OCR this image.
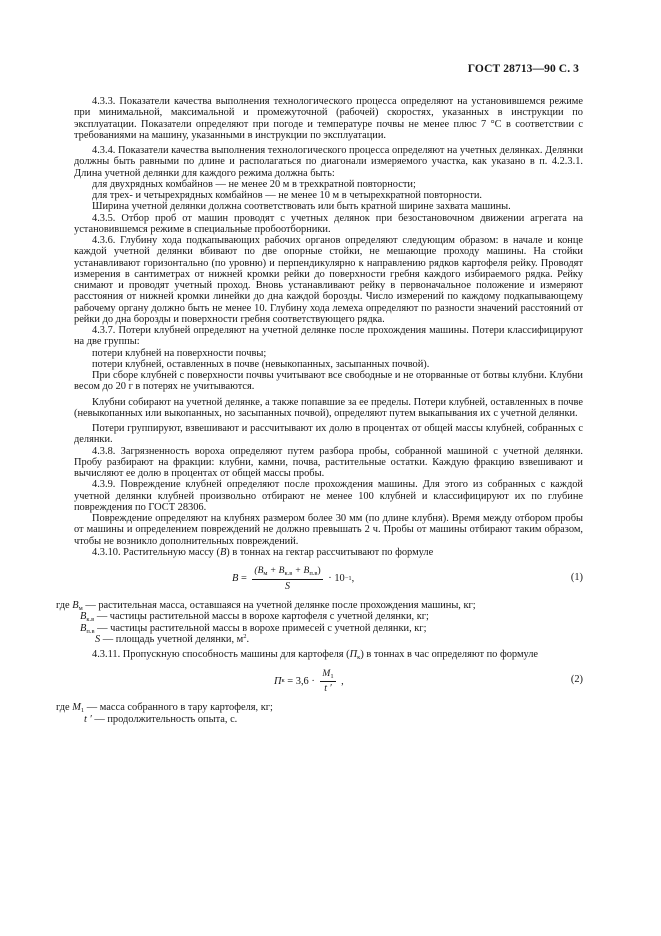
ГОСТ 28713—90 С. 3

4.3.3. Показатели качества выполнения технологического процесса определяют на установившемся режиме при минимальной, максимальной и промежуточной (рабочей) скоростях, указанных в инструкции по эксплуатации. Показатели определяют при погоде и температуре почвы не менее плюс 7 °С в соответствии с требованиями на машину, указанными в инструкции по эксплуатации.

4.3.4. Показатели качества выполнения технологического процесса определяют на учетных делянках. Делянки должны быть равными по длине и располагаться по диагонали измеряемого участка, как указано в п. 4.2.3.1. Длина учетной делянки для каждого режима должна быть:

для двухрядных комбайнов — не менее 20 м в трехкратной повторности;

для трех- и четырехрядных комбайнов — не менее 10 м в четырехкратной повторности.

Ширина учетной делянки должна соответствовать или быть кратной ширине захвата машины.

4.3.5. Отбор проб от машин проводят с учетных делянок при безостановочном движении агрегата на установившемся режиме в специальные пробоотборники.

4.3.6. Глубину хода подкапывающих рабочих органов определяют следующим образом: в начале и конце каждой учетной делянки вбивают по две опорные стойки, не мешающие проходу машины. На стойки устанавливают горизонтально (по уровню) и перпендикулярно к направлению рядков картофеля рейку. Проводят измерения в сантиметрах от нижней кромки рейки до поверхности гребня каждого избираемого рядка. Рейку снимают и проводят учетный проход. Вновь устанавливают рейку в первоначальное положение и измеряют расстояния от нижней кромки линейки до дна каждой борозды. Число измерений по каждому подкапывающему рабочему органу должно быть не менее 10. Глубину хода лемеха определяют по разности значений расстояний от рейки до дна борозды и поверхности гребня соответствующего рядка.

4.3.7. Потери клубней определяют на учетной делянке после прохождения машины. Потери классифицируют на две группы:

потери клубней на поверхности почвы;

потери клубней, оставленных в почве (невыкопанных, засыпанных почвой).

При сборе клубней с поверхности почвы учитывают все свободные и не оторванные от ботвы клубни. Клубни весом до 20 г в потерях не учитываются.

Клубни собирают на учетной делянке, а также попавшие за ее пределы. Потери клубней, оставленных в почве (невыкопанных или выкопанных, но засыпанных почвой), определяют путем выкапывания их с учетной делянки.

Потери группируют, взвешивают и рассчитывают их долю в процентах от общей массы клубней, собранных с делянки.

4.3.8. Загрязненность вороха определяют путем разбора пробы, собранной машиной с учетной делянки. Пробу разбирают на фракции: клубни, камни, почва, растительные остатки. Каждую фракцию взвешивают и вычисляют ее долю в процентах от общей массы пробы.

4.3.9. Повреждение клубней определяют после прохождения машины. Для этого из собранных с каждой учетной делянки клубней произвольно отбирают не менее 100 клубней и классифицируют их по глубине повреждения по ГОСТ 28306.

Повреждение определяют на клубнях размером более 30 мм (по длине клубня). Время между отбором пробы от машины и определением повреждений не должно превышать 2 ч. Пробы от машины отбирают таким образом, чтобы не возникло дополнительных повреждений.

4.3.10. Растительную массу (B) в тоннах на гектар рассчитывают по формуле

$B = \frac{(B_м + B_{к.в} + B_{п.в})}{S} \cdot 10 -1$ ,	(1)
где $B_м$ — растительная масса, оставшаяся на учетной делянке после прохождения машины, кг;
$B_{к.в}$ — частицы растительной массы в ворохе картофеля с учетной делянки, кг;
$B_{п.в}$ — частицы растительной массы в ворохе примесей с учетной делянки, кг;
S — площадь учетной делянки, $м^2$.

4.3.11. Пропускную способность машины для картофеля $(П_к)$ в тоннах в час определяют по формуле

П $к = 3,6 \cdot \frac{M_1}{t '}$ ,	(2)
где $M_1$ — масса собранного в тару картофеля, кг;
t ′ — продолжительность опыта, с.
